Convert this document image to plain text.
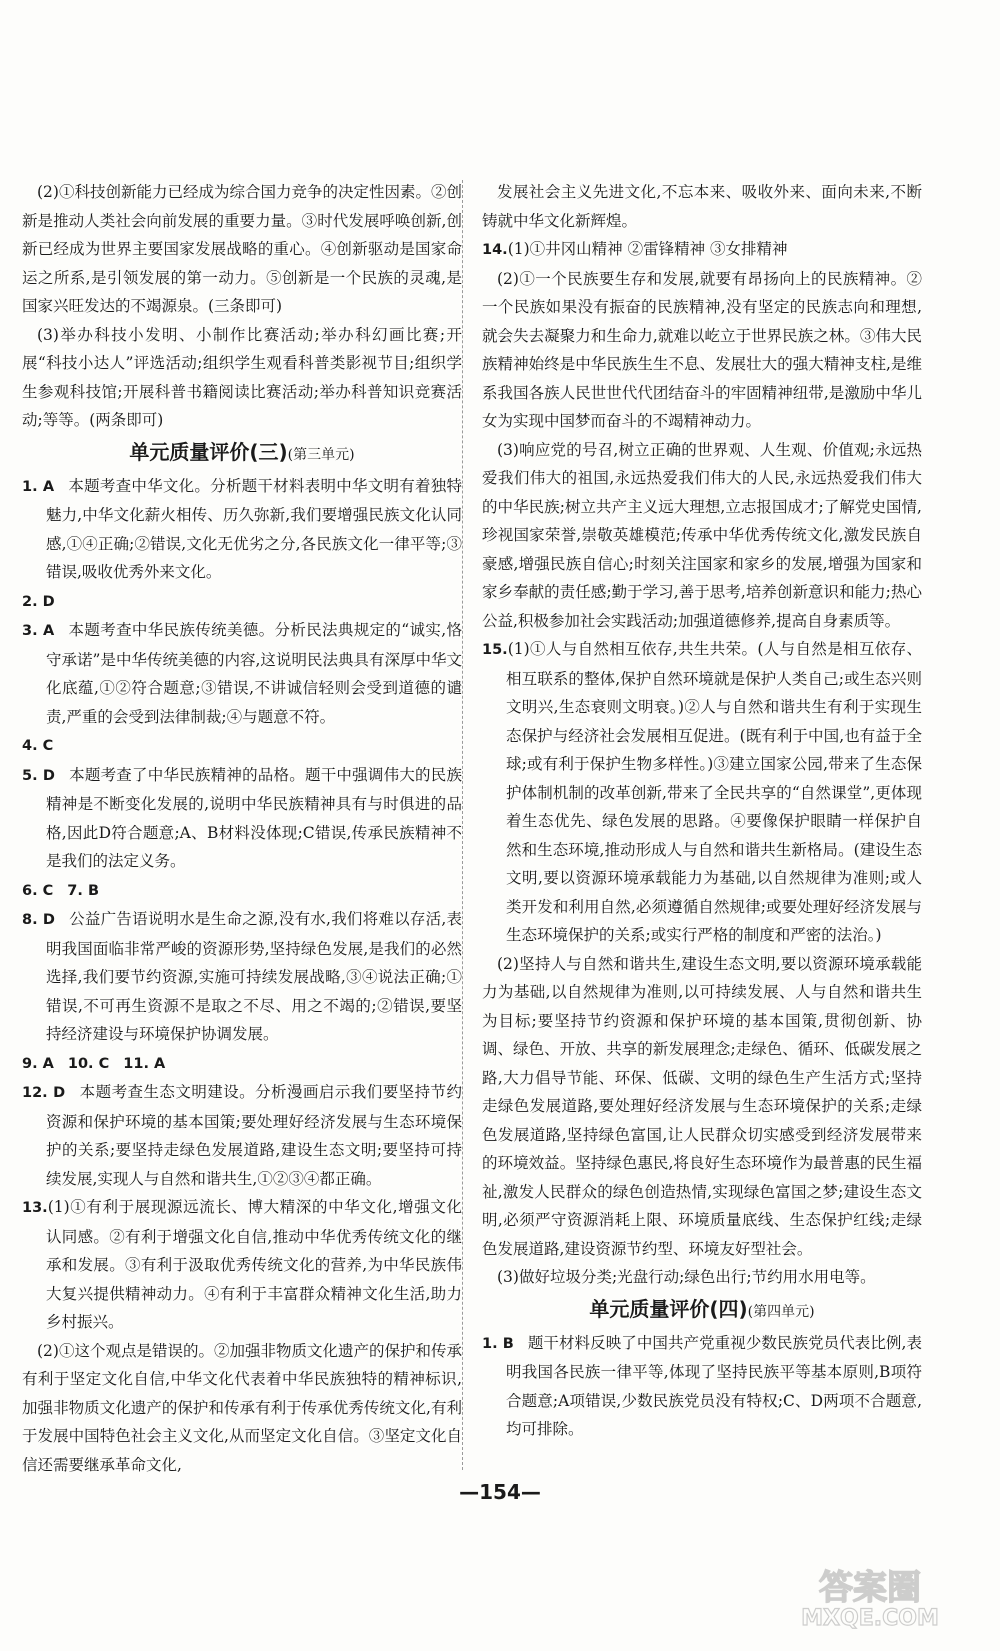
(2)①科技创新能力已经成为综合国力竞争的决定性因素。②创新是推动人类社会向前发展的重要力量。③时代发展呼唤创新,创新已经成为世界主要国家发展战略的重心。④创新驱动是国家命运之所系,是引领发展的第一动力。⑤创新是一个民族的灵魂,是国家兴旺发达的不竭源泉。(三条即可)

(3)举办科技小发明、小制作比赛活动;举办科幻画比赛;开展“科技小达人”评选活动;组织学生观看科普类影视节目;组织学生参观科技馆;开展科普书籍阅读比赛活动;举办科普知识竞赛活动;等等。(两条即可)

单元质量评价(三)(第三单元)

1. A 本题考查中华文化。分析题干材料表明中华文明有着独特魅力,中华文化薪火相传、历久弥新,我们要增强民族文化认同感,①④正确;②错误,文化无优劣之分,各民族文化一律平等;③错误,吸收优秀外来文化。

2. D

3. A 本题考查中华民族传统美德。分析民法典规定的“诚实,恪守承诺”是中华传统美德的内容,这说明民法典具有深厚中华文化底蕴,①②符合题意;③错误,不讲诚信轻则会受到道德的谴责,严重的会受到法律制裁;④与题意不符。

4. C

5. D 本题考查了中华民族精神的品格。题干中强调伟大的民族精神是不断变化发展的,说明中华民族精神具有与时俱进的品格,因此D符合题意;A、B材料没体现;C错误,传承民族精神不是我们的法定义务。

6. C 7. B

8. D 公益广告语说明水是生命之源,没有水,我们将难以存活,表明我国面临非常严峻的资源形势,坚持绿色发展,是我们的必然选择,我们要节约资源,实施可持续发展战略,③④说法正确;①错误,不可再生资源不是取之不尽、用之不竭的;②错误,要坚持经济建设与环境保护协调发展。

9. A 10. C 11. A

12. D 本题考查生态文明建设。分析漫画启示我们要坚持节约资源和保护环境的基本国策;要处理好经济发展与生态环境保护的关系;要坚持走绿色发展道路,建设生态文明;要坚持可持续发展,实现人与自然和谐共生,①②③④都正确。

13.(1)①有利于展现源远流长、博大精深的中华文化,增强文化认同感。②有利于增强文化自信,推动中华优秀传统文化的继承和发展。③有利于汲取优秀传统文化的营养,为中华民族伟大复兴提供精神动力。④有利于丰富群众精神文化生活,助力乡村振兴。

(2)①这个观点是错误的。②加强非物质文化遗产的保护和传承有利于坚定文化自信,中华文化代表着中华民族独特的精神标识,加强非物质文化遗产的保护和传承有利于传承优秀传统文化,有利于发展中国特色社会主义文化,从而坚定文化自信。③坚定文化自信还需要继承革命文化,

发展社会主义先进文化,不忘本来、吸收外来、面向未来,不断铸就中华文化新辉煌。

14.(1)①井冈山精神 ②雷锋精神 ③女排精神

(2)①一个民族要生存和发展,就要有昂扬向上的民族精神。②一个民族如果没有振奋的民族精神,没有坚定的民族志向和理想,就会失去凝聚力和生命力,就难以屹立于世界民族之林。③伟大民族精神始终是中华民族生生不息、发展壮大的强大精神支柱,是维系我国各族人民世世代代团结奋斗的牢固精神纽带,是激励中华儿女为实现中国梦而奋斗的不竭精神动力。

(3)响应党的号召,树立正确的世界观、人生观、价值观;永远热爱我们伟大的祖国,永远热爱我们伟大的人民,永远热爱我们伟大的中华民族;树立共产主义远大理想,立志报国成才;了解党史国情,珍视国家荣誉,崇敬英雄模范;传承中华优秀传统文化,激发民族自豪感,增强民族自信心;时刻关注国家和家乡的发展,增强为国家和家乡奉献的责任感;勤于学习,善于思考,培养创新意识和能力;热心公益,积极参加社会实践活动;加强道德修养,提高自身素质等。

15.(1)①人与自然相互依存,共生共荣。(人与自然是相互依存、相互联系的整体,保护自然环境就是保护人类自己;或生态兴则文明兴,生态衰则文明衰。)②人与自然和谐共生有利于实现生态保护与经济社会发展相互促进。(既有利于中国,也有益于全球;或有利于保护生物多样性。)③建立国家公园,带来了生态保护体制机制的改革创新,带来了全民共享的“自然课堂”,更体现着生态优先、绿色发展的思路。④要像保护眼睛一样保护自然和生态环境,推动形成人与自然和谐共生新格局。(建设生态文明,要以资源环境承载能力为基础,以自然规律为准则;或人类开发和利用自然,必须遵循自然规律;或要处理好经济发展与生态环境保护的关系;或实行严格的制度和严密的法治。)

(2)坚持人与自然和谐共生,建设生态文明,要以资源环境承载能力为基础,以自然规律为准则,以可持续发展、人与自然和谐共生为目标;要坚持节约资源和保护环境的基本国策,贯彻创新、协调、绿色、开放、共享的新发展理念;走绿色、循环、低碳发展之路,大力倡导节能、环保、低碳、文明的绿色生产生活方式;坚持走绿色发展道路,要处理好经济发展与生态环境保护的关系;走绿色发展道路,坚持绿色富国,让人民群众切实感受到经济发展带来的环境效益。坚持绿色惠民,将良好生态环境作为最普惠的民生福祉,激发人民群众的绿色创造热情,实现绿色富国之梦;建设生态文明,必须严守资源消耗上限、环境质量底线、生态保护红线;走绿色发展道路,建设资源节约型、环境友好型社会。

(3)做好垃圾分类;光盘行动;绿色出行;节约用水用电等。

单元质量评价(四)(第四单元)

1. B 题干材料反映了中国共产党重视少数民族党员代表比例,表明我国各民族一律平等,体现了坚持民族平等基本原则,B项符合题意;A项错误,少数民族党员没有特权;C、D两项不合题意,均可排除。

—154—
答案圈
MXQE.COM
